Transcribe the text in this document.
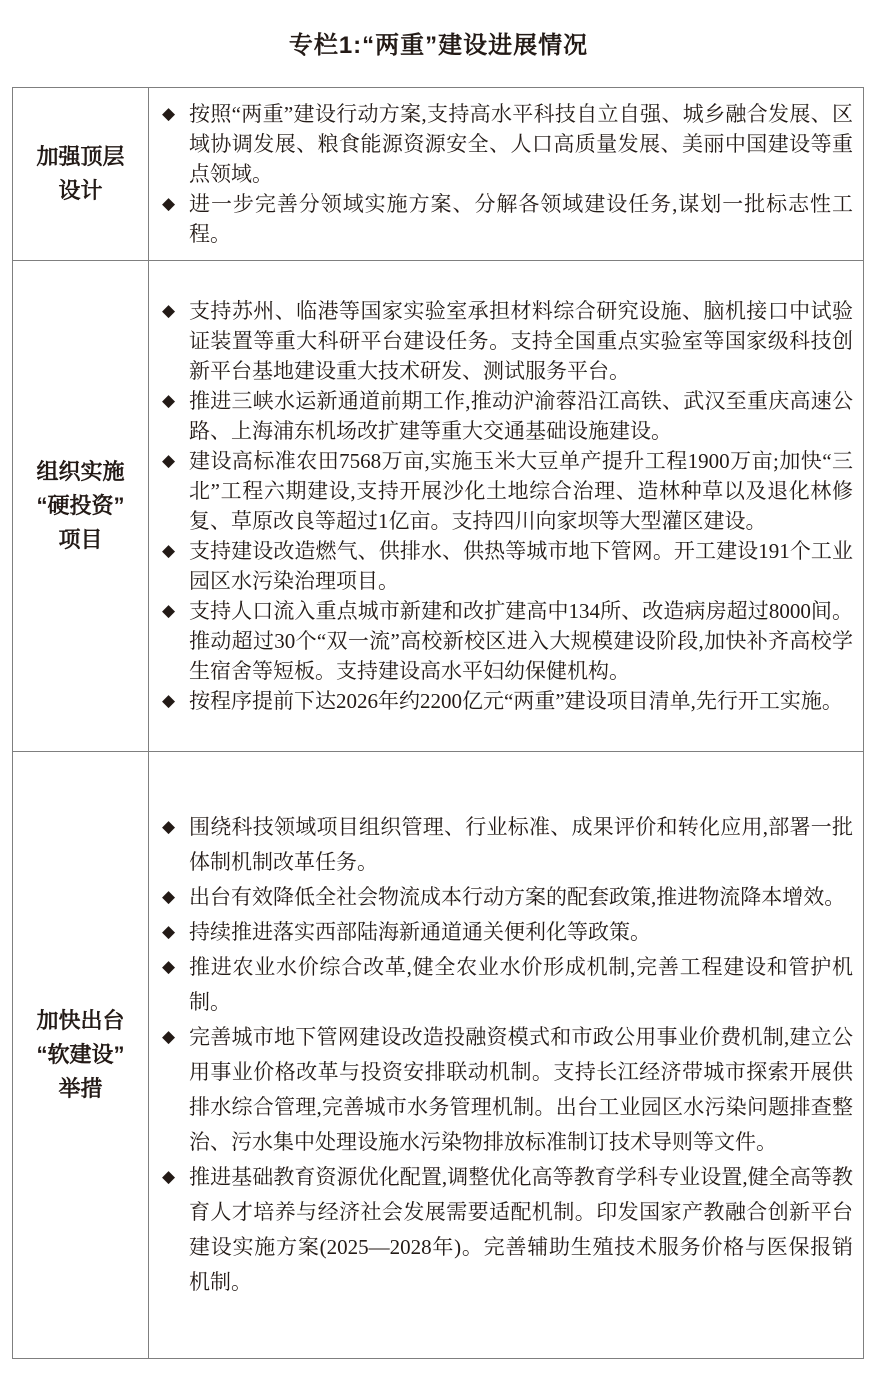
专栏1:“两重”建设进展情况
加强顶层
设计
◆ 按照“两重”建设行动方案,支持高水平科技自立自强、城乡融合发展、区域协调发展、粮食能源资源安全、人口高质量发展、美丽中国建设等重点领域。
◆ 进一步完善分领域实施方案、分解各领域建设任务,谋划一批标志性工程。
组织实施
“硬投资”
项目
◆ 支持苏州、临港等国家实验室承担材料综合研究设施、脑机接口中试验证装置等重大科研平台建设任务。支持全国重点实验室等国家级科技创新平台基地建设重大技术研发、测试服务平台。
◆ 推进三峡水运新通道前期工作,推动沪渝蓉沿江高铁、武汉至重庆高速公路、上海浦东机场改扩建等重大交通基础设施建设。
◆ 建设高标准农田7568万亩,实施玉米大豆单产提升工程1900万亩;加快“三北”工程六期建设,支持开展沙化土地综合治理、造林种草以及退化林修复、草原改良等超过1亿亩。支持四川向家坝等大型灌区建设。
◆ 支持建设改造燃气、供排水、供热等城市地下管网。开工建设191个工业园区水污染治理项目。
◆ 支持人口流入重点城市新建和改扩建高中134所、改造病房超过8000间。推动超过30个“双一流”高校新校区进入大规模建设阶段,加快补齐高校学生宿舍等短板。支持建设高水平妇幼保健机构。
◆ 按程序提前下达2026年约2200亿元“两重”建设项目清单,先行开工实施。
加快出台
“软建设”
举措
◆ 围绕科技领域项目组织管理、行业标准、成果评价和转化应用,部署一批体制机制改革任务。
◆ 出台有效降低全社会物流成本行动方案的配套政策,推进物流降本增效。
◆ 持续推进落实西部陆海新通道通关便利化等政策。
◆ 推进农业水价综合改革,健全农业水价形成机制,完善工程建设和管护机制。
◆ 完善城市地下管网建设改造投融资模式和市政公用事业价费机制,建立公用事业价格改革与投资安排联动机制。支持长江经济带城市探索开展供排水综合管理,完善城市水务管理机制。出台工业园区水污染问题排查整治、污水集中处理设施水污染物排放标准制订技术导则等文件。
◆ 推进基础教育资源优化配置,调整优化高等教育学科专业设置,健全高等教育人才培养与经济社会发展需要适配机制。印发国家产教融合创新平台建设实施方案(2025—2028年)。完善辅助生殖技术服务价格与医保报销机制。
